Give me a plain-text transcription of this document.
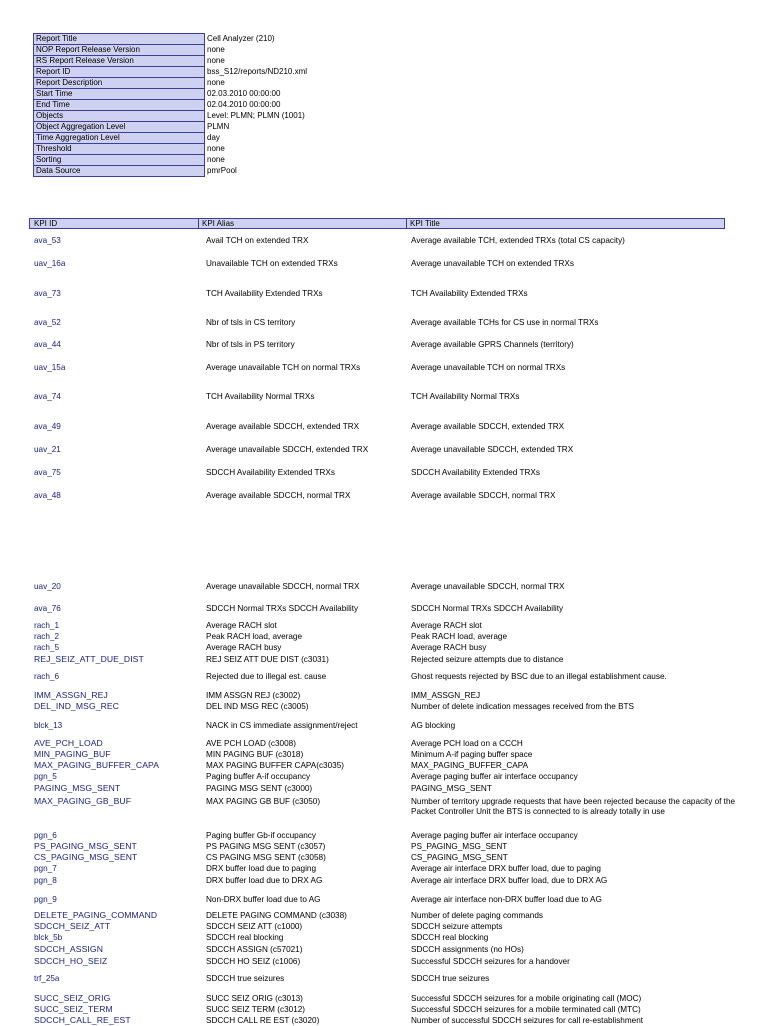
Report Title	Cell Analyzer (210)
NOP Report Release Version	none
RS Report Release Version	none
Report ID	bss_S12/reports/ND210.xml
Report Description	none
Start Time	02.03.2010 00:00:00
End Time	02.04.2010 00:00:00
Objects	Level: PLMN; PLMN (1001)
Object Aggregation Level	PLMN
Time Aggregation Level	day
Threshold	none
Sorting	none
Data Source	pmrPool
KPI ID	KPI Alias	KPI Title
ava_53	Avail TCH on extended TRX	Average available TCH, extended TRXs (total CS capacity)
uav_16a	Unavailable TCH on extended TRXs	Average unavailable TCH on extended TRXs
ava_73	TCH Availability Extended TRXs	TCH Availability Extended TRXs
ava_52	Nbr of tsls in CS territory	Average available TCHs for CS use in normal TRXs
ava_44	Nbr of tsls in PS territory	Average available GPRS Channels (territory)
uav_15a	Average unavailable TCH on normal TRXs	Average unavailable TCH on normal TRXs
ava_74	TCH Availability Normal TRXs	TCH Availability Normal TRXs
ava_49	Average available SDCCH, extended TRX	Average available SDCCH, extended TRX
uav_21	Average unavailable SDCCH, extended TRX	Average unavailable SDCCH, extended TRX
ava_75	SDCCH Availability Extended TRXs	SDCCH Availability Extended TRXs
ava_48	Average available SDCCH, normal TRX	Average available SDCCH, normal TRX
uav_20	Average unavailable SDCCH, normal TRX	Average unavailable SDCCH, normal TRX
ava_76	SDCCH Normal TRXs SDCCH Availability	SDCCH Normal TRXs SDCCH Availability
rach_1	Average RACH slot	Average RACH slot
rach_2	Peak RACH load, average	Peak RACH load, average
rach_5	Average RACH busy	Average RACH busy
REJ_SEIZ_ATT_DUE_DIST	REJ SEIZ ATT DUE DIST (c3031)	Rejected seizure attempts due to distance
rach_6	Rejected due to illegal est. cause	Ghost requests rejected by BSC due to an illegal establishment cause.
IMM_ASSGN_REJ	IMM ASSGN REJ (c3002)	IMM_ASSGN_REJ
DEL_IND_MSG_REC	DEL IND MSG REC (c3005)	Number of delete indication messages received from the BTS
blck_13	NACK in CS immediate assignment/reject	AG blocking
AVE_PCH_LOAD	AVE PCH LOAD (c3008)	Average PCH load on a CCCH
MIN_PAGING_BUF	MIN PAGING BUF (c3018)	Minimum A-if paging buffer space
MAX_PAGING_BUFFER_CAPA	MAX PAGING BUFFER CAPA(c3035)	MAX_PAGING_BUFFER_CAPA
pgn_5	Paging buffer A-if occupancy	Average paging buffer air interface occupancy
PAGING_MSG_SENT	PAGING MSG SENT (c3000)	PAGING_MSG_SENT
MAX_PAGING_GB_BUF	MAX PAGING GB BUF (c3050)	Number of territory upgrade requests that have been rejected because the capacity of the Packet Controller Unit the BTS is connected to is already totally in use
pgn_6	Paging buffer Gb-if occupancy	Average paging buffer air interface occupancy
PS_PAGING_MSG_SENT	PS PAGING MSG SENT (c3057)	PS_PAGING_MSG_SENT
CS_PAGING_MSG_SENT	CS PAGING MSG SENT (c3058)	CS_PAGING_MSG_SENT
pgn_7	DRX buffer load due to paging	Average air interface DRX buffer load, due to paging
pgn_8	DRX buffer load due to DRX AG	Average air interface DRX buffer load, due to DRX AG
pgn_9	Non-DRX buffer load due to AG	Average air interface non-DRX buffer load due to AG
DELETE_PAGING_COMMAND	DELETE PAGING COMMAND (c3038)	Number of delete paging commands
SDCCH_SEIZ_ATT	SDCCH SEIZ ATT (c1000)	SDCCH seizure attempts
blck_5b	SDCCH real blocking	SDCCH real blocking
SDCCH_ASSIGN	SDCCH ASSIGN (c57021)	SDCCH assignments (no HOs)
SDCCH_HO_SEIZ	SDCCH HO SEIZ (c1006)	Successful SDCCH seizures for a handover
trf_25a	SDCCH true seizures	SDCCH true seizures
SUCC_SEIZ_ORIG	SUCC SEIZ ORIG (c3013)	Successful SDCCH seizures for a mobile originating call (MOC)
SUCC_SEIZ_TERM	SUCC SEIZ TERM (c3012)	Successful SDCCH seizures for a mobile terminated call (MTC)
SDCCH_CALL_RE_EST	SDCCH CALL RE EST (c3020)	Number of successful SDCCH seizures for call re-establishment
